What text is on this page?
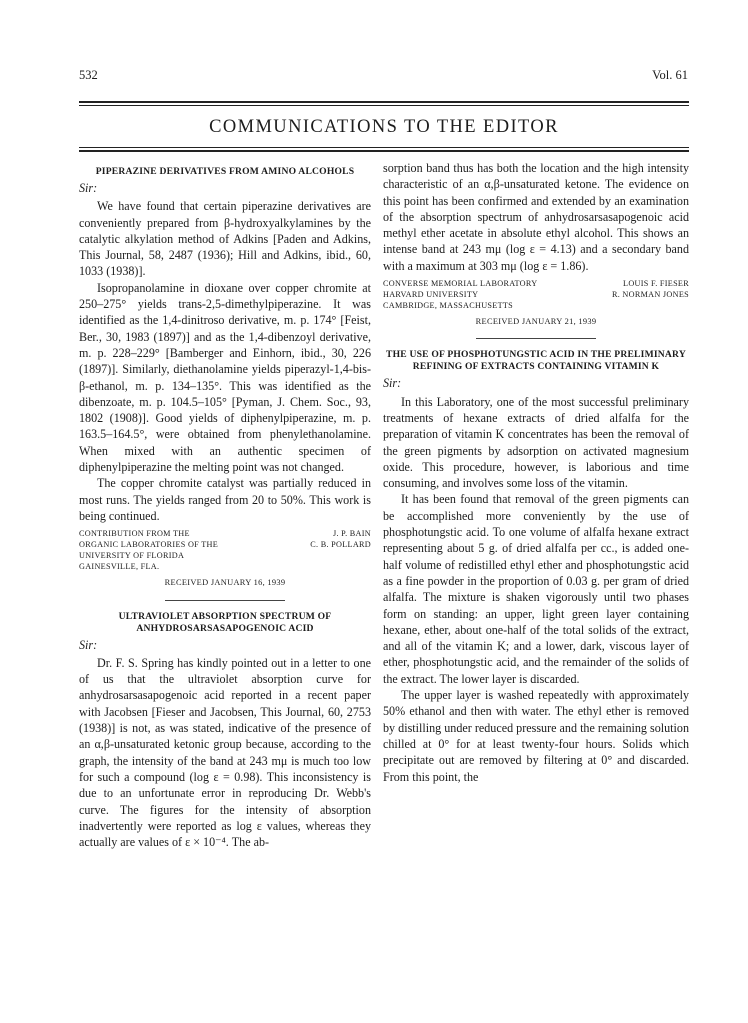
532	Vol. 61
COMMUNICATIONS TO THE EDITOR
PIPERAZINE DERIVATIVES FROM AMINO ALCOHOLS
Sir:

We have found that certain piperazine derivatives are conveniently prepared from β-hydroxyalkylamines by the catalytic alkylation method of Adkins [Paden and Adkins, This Journal, 58, 2487 (1936); Hill and Adkins, ibid., 60, 1033 (1938)].

Isopropanolamine in dioxane over copper chromite at 250–275° yields trans-2,5-dimethylpiperazine. It was identified as the 1,4-dinitroso derivative, m. p. 174° [Feist, Ber., 30, 1983 (1897)] and as the 1,4-dibenzoyl derivative, m. p. 228–229° [Bamberger and Einhorn, ibid., 30, 226 (1897)]. Similarly, diethanolamine yields piperazyl-1,4-bis-β-ethanol, m. p. 134–135°. This was identified as the dibenzoate, m. p. 104.5–105° [Pyman, J. Chem. Soc., 93, 1802 (1908)]. Good yields of diphenylpiperazine, m. p. 163.5–164.5°, were obtained from phenylethanolamine. When mixed with an authentic specimen of diphenylpiperazine the melting point was not changed.

The copper chromite catalyst was partially reduced in most runs. The yields ranged from 20 to 50%. This work is being continued.

CONTRIBUTION FROM THE
ORGANIC LABORATORIES OF THE
UNIVERSITY OF FLORIDA
GAINESVILLE, FLA.
J. P. BAIN
C. B. POLLARD
RECEIVED JANUARY 16, 1939
ULTRAVIOLET ABSORPTION SPECTRUM OF ANHYDROSARSASAPOGENOIC ACID
Sir:

Dr. F. S. Spring has kindly pointed out in a letter to one of us that the ultraviolet absorption curve for anhydrosarsasapogenoic acid reported in a recent paper with Jacobsen [Fieser and Jacobsen, This Journal, 60, 2753 (1938)] is not, as was stated, indicative of the presence of an α,β-unsaturated ketonic group because, according to the graph, the intensity of the band at 243 mμ is much too low for such a compound (log ε = 0.98). This inconsistency is due to an unfortunate error in reproducing Dr. Webb's curve. The figures for the intensity of absorption inadvertently were reported as log ε values, whereas they actually are values of ε × 10⁻⁴. The ab-

sorption band thus has both the location and the high intensity characteristic of an α,β-unsaturated ketone. The evidence on this point has been confirmed and extended by an examination of the absorption spectrum of anhydrosarsasapogenoic acid methyl ether acetate in absolute ethyl alcohol. This shows an intense band at 243 mμ (log ε = 4.13) and a secondary band with a maximum at 303 mμ (log ε = 1.86).

CONVERSE MEMORIAL LABORATORY
HARVARD UNIVERSITY
CAMBRIDGE, MASSACHUSETTS
LOUIS F. FIESER
R. NORMAN JONES
RECEIVED JANUARY 21, 1939
THE USE OF PHOSPHOTUNGSTIC ACID IN THE PRELIMINARY REFINING OF EXTRACTS CONTAINING VITAMIN K
Sir:

In this Laboratory, one of the most successful preliminary treatments of hexane extracts of dried alfalfa for the preparation of vitamin K concentrates has been the removal of the green pigments by adsorption on activated magnesium oxide. This procedure, however, is laborious and time consuming, and involves some loss of the vitamin.

It has been found that removal of the green pigments can be accomplished more conveniently by the use of phosphotungstic acid. To one volume of alfalfa hexane extract representing about 5 g. of dried alfalfa per cc., is added one-half volume of redistilled ethyl ether and phosphotungstic acid as a fine powder in the proportion of 0.03 g. per gram of dried alfalfa. The mixture is shaken vigorously until two phases form on standing: an upper, light green layer containing hexane, ether, about one-half of the total solids of the extract, and all of the vitamin K; and a lower, dark, viscous layer of ether, phosphotungstic acid, and the remainder of the solids of the extract. The lower layer is discarded.

The upper layer is washed repeatedly with approximately 50% ethanol and then with water. The ethyl ether is removed by distilling under reduced pressure and the remaining solution chilled at 0° for at least twenty-four hours. Solids which precipitate out are removed by filtering at 0° and discarded. From this point, the
